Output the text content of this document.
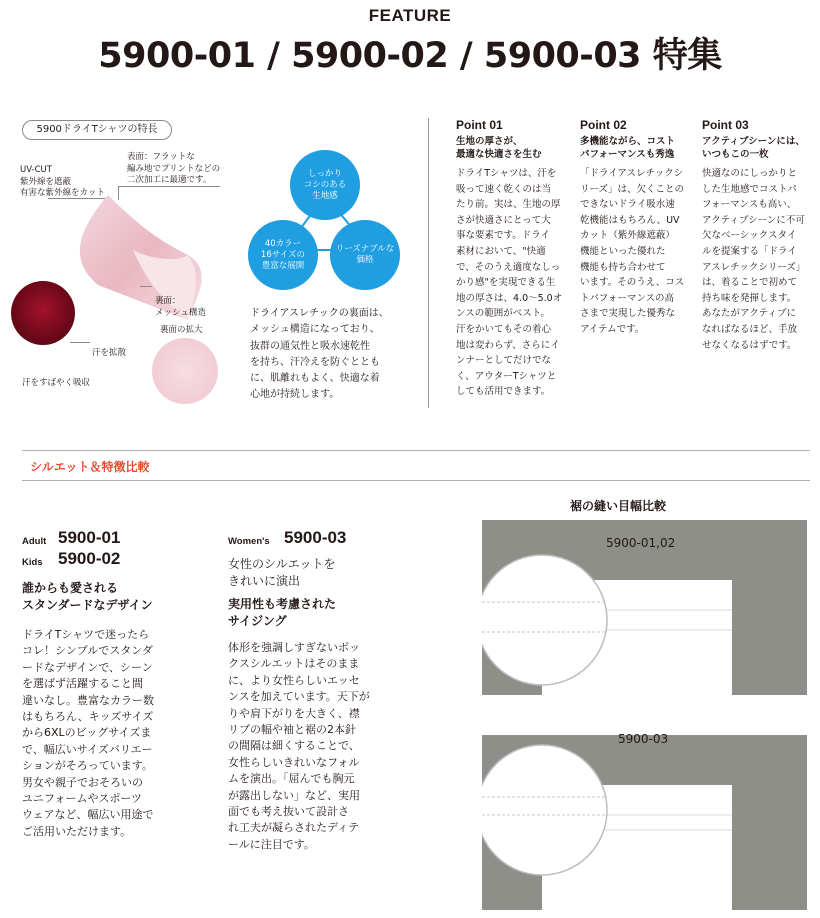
FEATURE
5900-01 / 5900-02 / 5900-03 特集
5900ドライTシャツの特長
UV-CUT
紫外線を遮蔽
有害な紫外線をカット
表面：フラットな
編み地でプリントなどの
二次加工に最適です。
裏面：
メッシュ構造
裏面の拡大
汗を拡散
汗をすばやく吸収
しっかり
コシのある
生地感
40カラー
16サイズの
豊富な展開
リーズナブルな
価格
ドライアスレチックの裏面は、
メッシュ構造になっており、
抜群の通気性と吸水速乾性
を持ち、汗冷えを防ぐととも
に、肌離れもよく、快適な着
心地が持続します。
Point 01
生地の厚さが、
最適な快適さを生む
ドライTシャツは、汗を
吸って速く乾くのは当
たり前。実は、生地の厚
さが快適さにとって大
事な要素です。ドライ
素材において、"快適
で、そのうえ適度なしっ
かり感"を実現できる生
地の厚さは、4.0〜5.0オ
ンスの範囲がベスト。
汗をかいてもその着心
地は変わらず、さらにイ
ンナーとしてだけでな
く、アウターTシャツと
しても活用できます。
Point 02
多機能ながら、コスト
パフォーマンスも秀逸
「ドライアスレチックシ
リーズ」は、欠くことの
できないドライ吸水速
乾機能はもちろん、UV
カット（紫外線遮蔽）
機能といった優れた
機能も持ち合わせて
います。そのうえ、コス
トパフォーマンスの高
さまで実現した優秀な
アイテムです。
Point 03
アクティブシーンには、
いつもこの一枚
快適なのにしっかりと
した生地感でコストパ
フォーマンスも高い、
アクティブシーンに不可
欠なベーシックスタイ
ルを提案する「ドライ
アスレチックシリーズ」
は、着ることで初めて
持ち味を発揮します。
あなたがアクティブに
なればなるほど、手放
せなくなるはずです。
シルエット＆特徴比較
Adult 5900-01
Kids 5900-02
誰からも愛される
スタンダードなデザイン
ドライTシャツで迷ったら
コレ！シンプルでスタンダ
ードなデザインで、シーン
を選ばず活躍すること間
違いなし。豊富なカラー数
はもちろん、キッズサイズ
から6XLのビッグサイズま
で、幅広いサイズバリエー
ションがそろっています。
男女や親子でおそろいの
ユニフォームやスポーツ
ウェアなど、幅広い用途で
ご活用いただけます。
Women's 5900-03
女性のシルエットを
きれいに演出
実用性も考慮された
サイジング
体形を強調しすぎないボッ
クスシルエットはそのまま
に、より女性らしいエッセ
ンスを加えています。天下が
りや肩下がりを大きく、襟
リブの幅や袖と裾の2本針
の間隔は細くすることで、
女性らしいきれいなフォル
ムを演出。「屈んでも胸元
が露出しない」など、実用
面でも考え抜いて設計さ
れ工夫が凝らされたディテ
ールに注目です。
裾の縫い目幅比較
5900-01,02
5900-03
